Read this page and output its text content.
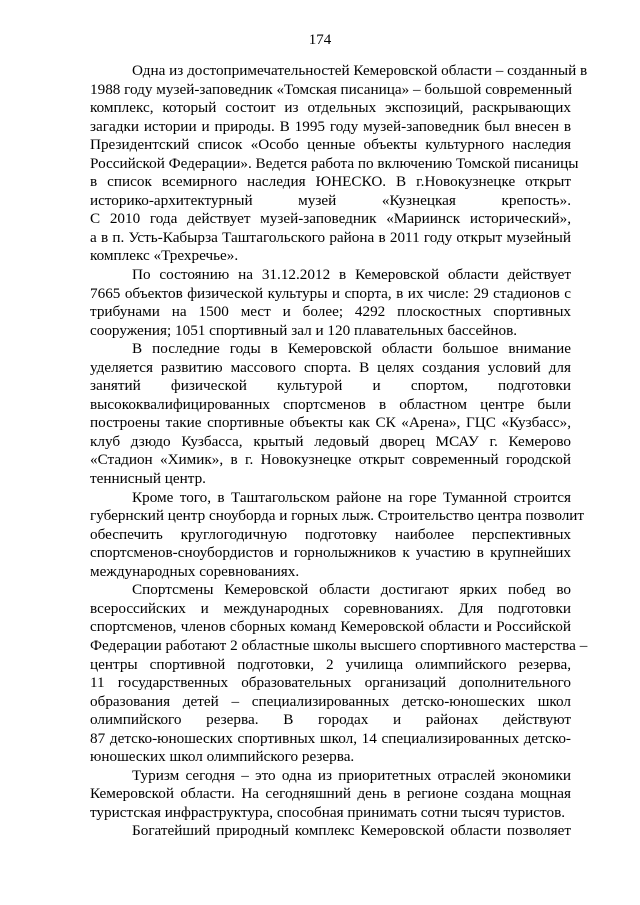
174
Одна из достопримечательностей Кемеровской области – созданный в
1988 году музей-заповедник «Томская писаница» – большой современный
комплекс, который состоит из отдельных экспозиций, раскрывающих
загадки истории и природы. В 1995 году музей-заповедник был внесен в
Президентский список «Особо ценные объекты культурного наследия
Российской Федерации». Ведется работа по включению Томской писаницы
в список всемирного наследия ЮНЕСКО. В г.Новокузнецке открыт
историко-архитектурный музей «Кузнецкая крепость».
С 2010 года действует музей-заповедник «Мариинск исторический»,
а в п. Усть-Кабырза Таштагольского района в 2011 году открыт музейный
комплекс «Трехречье».
По состоянию на 31.12.2012 в Кемеровской области действует
7665 объектов физической культуры и спорта, в их числе: 29 стадионов с
трибунами на 1500 мест и более; 4292 плоскостных спортивных
сооружения; 1051 спортивный зал и 120 плавательных бассейнов.
В последние годы в Кемеровской области большое внимание
уделяется развитию массового спорта. В целях создания условий для
занятий физической культурой и спортом, подготовки
высококвалифицированных спортсменов в областном центре были
построены такие спортивные объекты как СК «Арена», ГЦС «Кузбасс»,
клуб дзюдо Кузбасса, крытый ледовый дворец МСАУ г. Кемерово
«Стадион «Химик», в г. Новокузнецке открыт современный городской
теннисный центр.
Кроме того, в Таштагольском районе на горе Туманной строится
губернский центр сноуборда и горных лыж. Строительство центра позволит
обеспечить круглогодичную подготовку наиболее перспективных
спортсменов-сноубордистов и горнолыжников к участию в крупнейших
международных соревнованиях.
Спортсмены Кемеровской области достигают ярких побед во
всероссийских и международных соревнованиях. Для подготовки
спортсменов, членов сборных команд Кемеровской области и Российской
Федерации работают 2 областные школы высшего спортивного мастерства –
центры спортивной подготовки, 2 училища олимпийского резерва,
11 государственных образовательных организаций дополнительного
образования детей – специализированных детско-юношеских школ
олимпийского резерва. В городах и районах действуют
87 детско-юношеских спортивных школ, 14 специализированных детско-
юношеских школ олимпийского резерва.
Туризм сегодня – это одна из приоритетных отраслей экономики
Кемеровской области. На сегодняшний день в регионе создана мощная
туристская инфраструктура, способная принимать сотни тысяч туристов.
Богатейший природный комплекс Кемеровской области позволяет
